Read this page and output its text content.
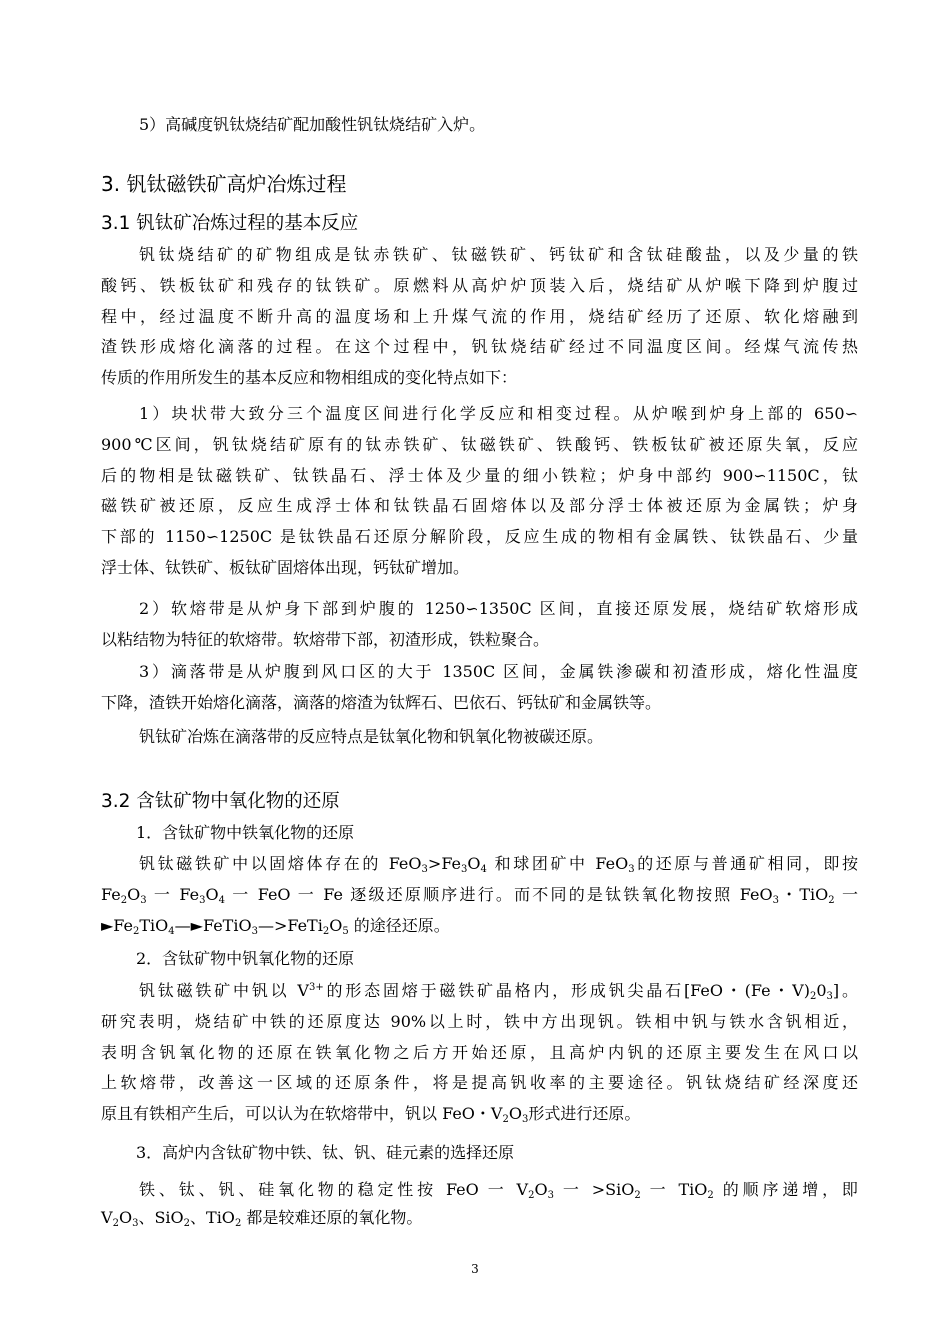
5）高碱度钒钛烧结矿配加酸性钒钛烧结矿入炉。
3. 钒钛磁铁矿高炉冶炼过程
3.1 钒钛矿冶炼过程的基本反应
钒钛烧结矿的矿物组成是钛赤铁矿、钛磁铁矿、钙钛矿和含钛硅酸盐，以及少量的铁
酸钙、铁板钛矿和残存的钛铁矿。原燃料从高炉炉顶装入后，烧结矿从炉喉下降到炉腹过
程中，经过温度不断升高的温度场和上升煤气流的作用，烧结矿经历了还原、软化熔融到
渣铁形成熔化滴落的过程。在这个过程中，钒钛烧结矿经过不同温度区间。经煤气流传热
传质的作用所发生的基本反应和物相组成的变化特点如下：
1）块状带大致分三个温度区间进行化学反应和相变过程。从炉喉到炉身上部的 650∽
900℃区间，钒钛烧结矿原有的钛赤铁矿、钛磁铁矿、铁酸钙、铁板钛矿被还原失氧，反应
后的物相是钛磁铁矿、钛铁晶石、浮士体及少量的细小铁粒；炉身中部约 900∽1150C，钛
磁铁矿被还原，反应生成浮士体和钛铁晶石固熔体以及部分浮士体被还原为金属铁；炉身
下部的 1150∽1250C 是钛铁晶石还原分解阶段，反应生成的物相有金属铁、钛铁晶石、少量
浮士体、钛铁矿、板钛矿固熔体出现，钙钛矿增加。
2）软熔带是从炉身下部到炉腹的 1250∽1350C 区间，直接还原发展，烧结矿软熔形成
以粘结物为特征的软熔带。软熔带下部，初渣形成，铁粒聚合。
3）滴落带是从炉腹到风口区的大于 1350C 区间，金属铁渗碳和初渣形成，熔化性温度
下降，渣铁开始熔化滴落，滴落的熔渣为钛辉石、巴依石、钙钛矿和金属铁等。
钒钛矿冶炼在滴落带的反应特点是钛氧化物和钒氧化物被碳还原。
3.2 含钛矿物中氧化物的还原
1．含钛矿物中铁氧化物的还原
钒钛磁铁矿中以固熔体存在的 $FeO_3>Fe_3O_4$ 和球团矿中 FeO$_3$的还原与普通矿相同，即按
$Fe_2O_3$ 一 $Fe_3O_4$ 一 FeO 一 Fe 逐级还原顺序进行。而不同的是钛铁氧化物按照 FeO$_3$・TiO$_2$ 一
$►Fe_2TiO_4—►FeTiO_3—>FeTi_2O_5$ 的途径还原。
2．含钛矿物中钒氧化物的还原
钒钛磁铁矿中钒以 $V^{3+}$的形态固熔于磁铁矿晶格内，形成钒尖晶石[FeO・(Fe・$V)_20_3$]。
研究表明，烧结矿中铁的还原度达 90%以上时，铁中方出现钒。铁相中钒与铁水含钒相近，
表明含钒氧化物的还原在铁氧化物之后方开始还原，且高炉内钒的还原主要发生在风口以
上软熔带，改善这一区域的还原条件，将是提高钒收率的主要途径。钒钛烧结矿经深度还
原且有铁相产生后，可以认为在软熔带中，钒以 FeO・$V_2O_3$形式进行还原。
3．高炉内含钛矿物中铁、钛、钒、硅元素的选择还原
铁、钛、钒、硅氧化物的稳定性按 FeO 一 $V_2O_3$ 一 >SiO$_2$ 一 TiO$_2$ 的顺序递增，即
$V_2O_3$、SiO$_2$、TiO$_2$ 都是较难还原的氧化物。
3
